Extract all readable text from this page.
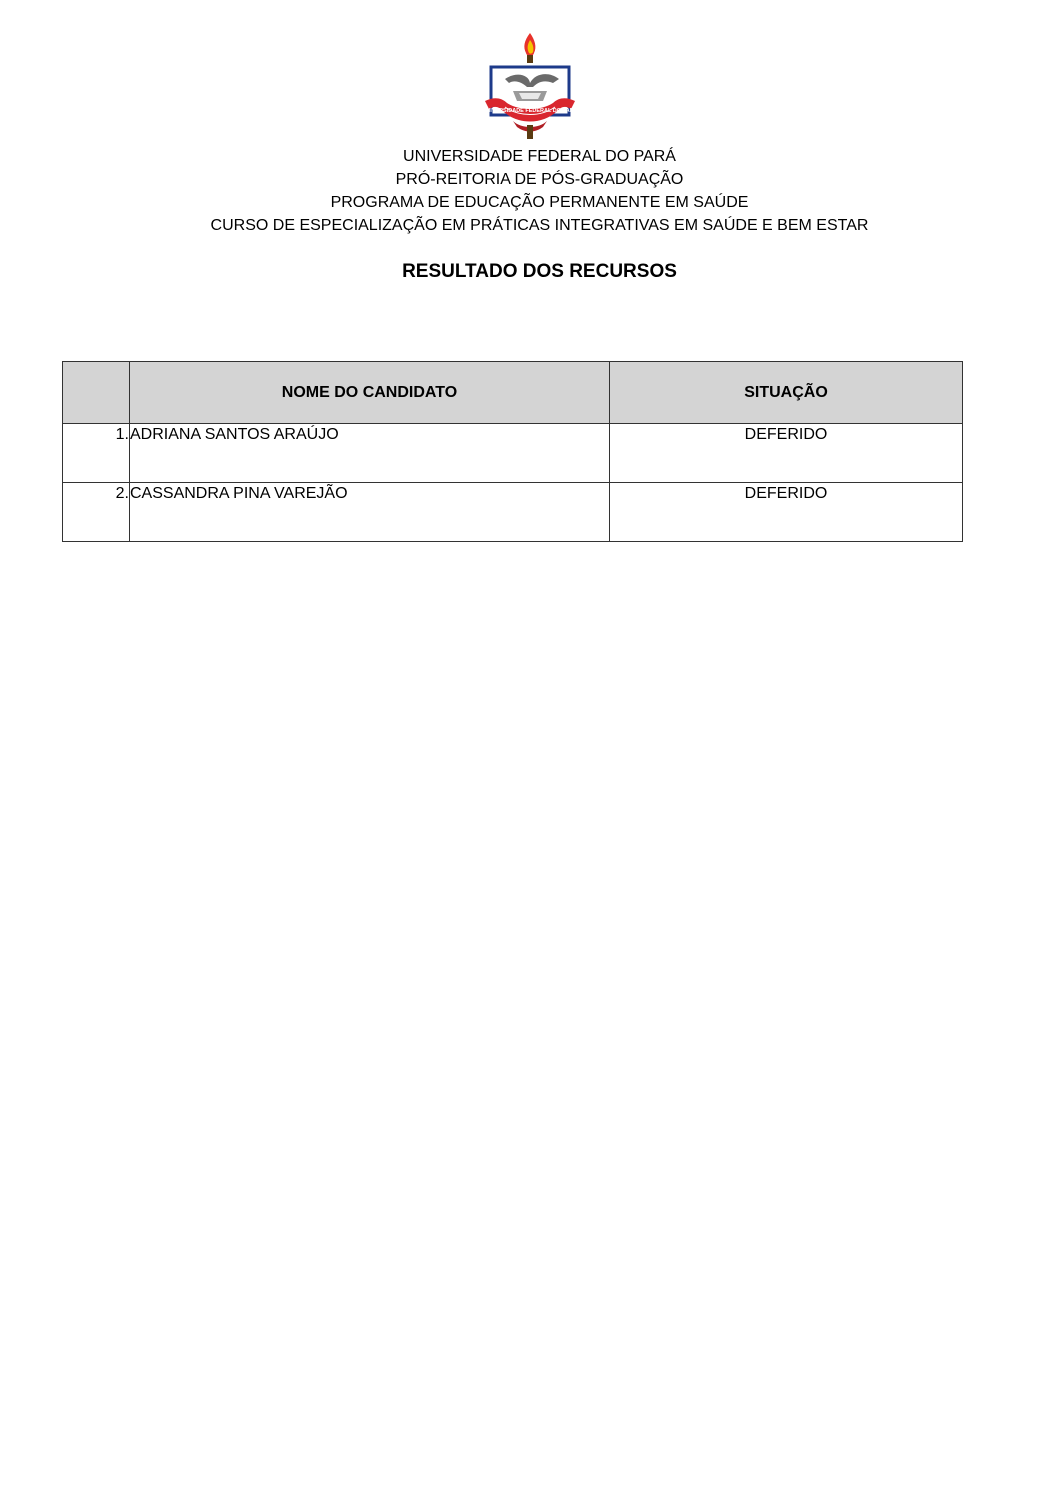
UNIVERSIDADE FEDERAL DO PARÁ

UNIVERSIDADE FEDERAL DO PARÁ

PRÓ-REITORIA DE PÓS-GRADUAÇÃO

PROGRAMA DE EDUCAÇÃO PERMANENTE EM SAÚDE

CURSO DE ESPECIALIZAÇÃO EM PRÁTICAS INTEGRATIVAS EM SAÚDE E BEM ESTAR

RESULTADO DOS RECURSOS
	NOME DO CANDIDATO	SITUAÇÃO
1.	ADRIANA SANTOS ARAÚJO	DEFERIDO
2.	CASSANDRA PINA VAREJÃO	DEFERIDO
